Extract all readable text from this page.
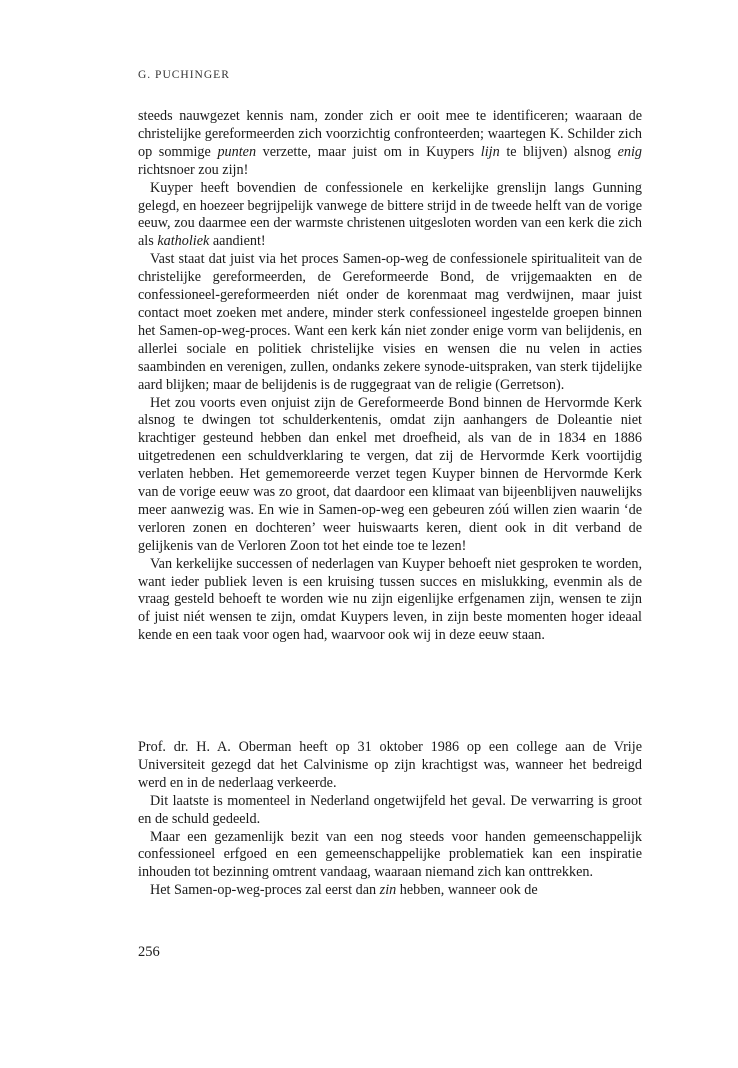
G. PUCHINGER

steeds nauwgezet kennis nam, zonder zich er ooit mee te identificeren; waaraan de christelijke gereformeerden zich voorzichtig confronteerden; waartegen K. Schilder zich op sommige punten verzette, maar juist om in Kuypers lijn te blijven) alsnog enig richtsnoer zou zijn!

Kuyper heeft bovendien de confessionele en kerkelijke grenslijn langs Gunning gelegd, en hoezeer begrijpelijk vanwege de bittere strijd in de tweede helft van de vorige eeuw, zou daarmee een der warmste christenen uitgesloten worden van een kerk die zich als katholiek aandient!

Vast staat dat juist via het proces Samen-op-weg de confessionele spiritualiteit van de christelijke gereformeerden, de Gereformeerde Bond, de vrijgemaakten en de confessioneel-gereformeerden niét onder de korenmaat mag verdwijnen, maar juist contact moet zoeken met andere, minder sterk confessioneel ingestelde groepen binnen het Samen-op-weg-proces. Want een kerk kán niet zonder enige vorm van belijdenis, en allerlei sociale en politiek christelijke visies en wensen die nu velen in acties saambinden en verenigen, zullen, ondanks zekere synode-uitspraken, van sterk tijdelijke aard blijken; maar de belijdenis is de ruggegraat van de religie (Gerretson).

Het zou voorts even onjuist zijn de Gereformeerde Bond binnen de Hervormde Kerk alsnog te dwingen tot schulderkentenis, omdat zijn aanhangers de Doleantie niet krachtiger gesteund hebben dan enkel met droefheid, als van de in 1834 en 1886 uitgetredenen een schuldverklaring te vergen, dat zij de Hervormde Kerk voortijdig verlaten hebben. Het gememoreerde verzet tegen Kuyper binnen de Hervormde Kerk van de vorige eeuw was zo groot, dat daardoor een klimaat van bijeenblijven nauwelijks meer aanwezig was. En wie in Samen-op-weg een gebeuren zóú willen zien waarin ‘de verloren zonen en dochteren’ weer huiswaarts keren, dient ook in dit verband de gelijkenis van de Verloren Zoon tot het einde toe te lezen!

Van kerkelijke successen of nederlagen van Kuyper behoeft niet gesproken te worden, want ieder publiek leven is een kruising tussen succes en mislukking, evenmin als de vraag gesteld behoeft te worden wie nu zijn eigenlijke erfgenamen zijn, wensen te zijn of juist niét wensen te zijn, omdat Kuypers leven, in zijn beste momenten hoger ideaal kende en een taak voor ogen had, waarvoor ook wij in deze eeuw staan.

Prof. dr. H. A. Oberman heeft op 31 oktober 1986 op een college aan de Vrije Universiteit gezegd dat het Calvinisme op zijn krachtigst was, wanneer het bedreigd werd en in de nederlaag verkeerde.

Dit laatste is momenteel in Nederland ongetwijfeld het geval. De verwarring is groot en de schuld gedeeld.

Maar een gezamenlijk bezit van een nog steeds voor handen gemeenschappelijk confessioneel erfgoed en een gemeenschappelijke problematiek kan een inspiratie inhouden tot bezinning omtrent vandaag, waaraan niemand zich kan onttrekken.

Het Samen-op-weg-proces zal eerst dan zin hebben, wanneer ook de

256
